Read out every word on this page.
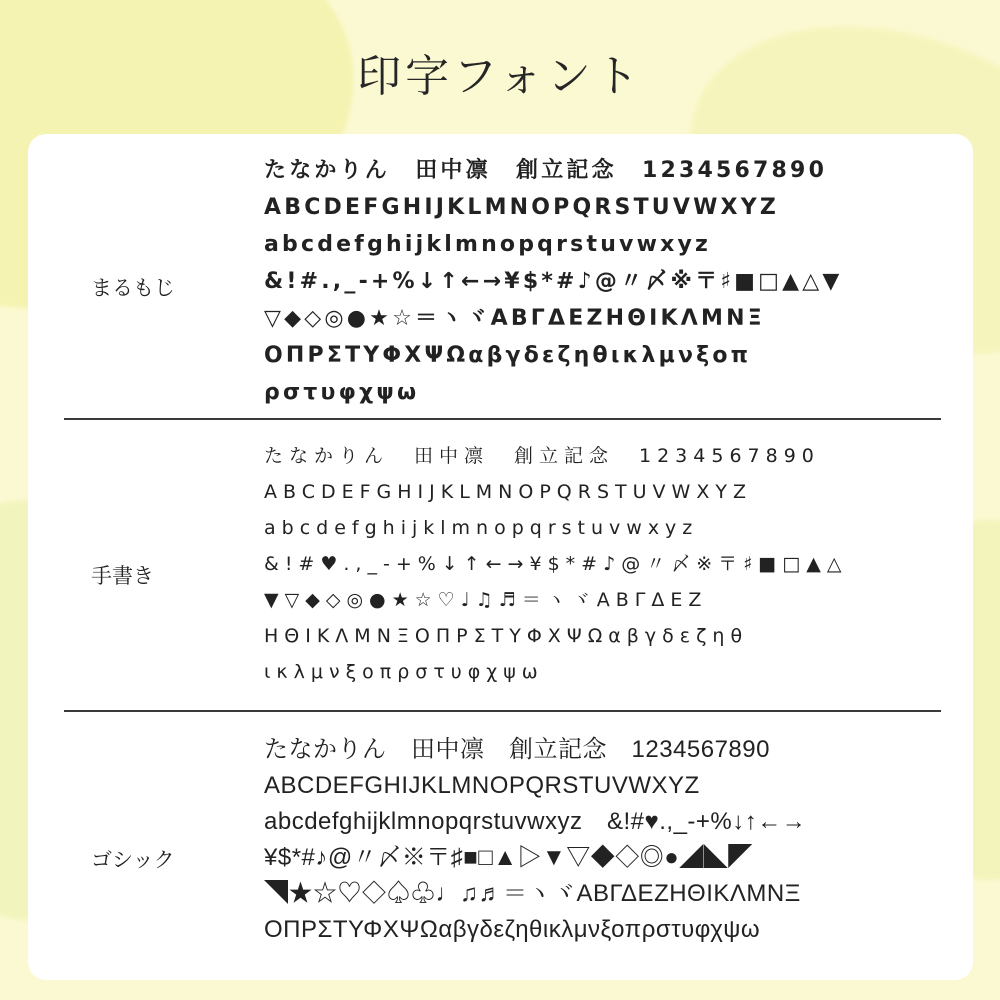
印字フォント
まるもじ
手書き
ゴシック
たなかりん　田中凛　創立記念　1234567890
ABCDEFGHIJKLMNOPQRSTUVWXYZ
abcdefghijklmnopqrstuvwxyz
&!#.,_-+%↓↑←→¥$*#♪@〃〆※〒♯■□▲△▼
▽◆◇◎●★☆＝ヽヾΑΒΓΔΕΖΗΘΙΚΛΜΝΞ
ΟΠΡΣΤΥΦΧΨΩαβγδεζηθικλμνξοπ
ρστυφχψω
たなかりん　田中凛　創立記念　1234567890
ABCDEFGHIJKLMNOPQRSTUVWXYZ
abcdefghijklmnopqrstuvwxyz
&!#♥.,_-+%↓↑←→¥$*#♪@〃〆※〒♯■□▲△
▼▽◆◇◎●★☆♡♩♫♬＝ヽヾΑΒΓΔΕΖ
ΗΘΙΚΛΜΝΞΟΠΡΣΤΥΦΧΨΩαβγδεζηθ
ικλμνξοπρστυφχψω
たなかりん　田中凛　創立記念　1234567890
ABCDEFGHIJKLMNOPQRSTUVWXYZ
abcdefghijklmnopqrstuvwxyz　&!#♥.,_-+%↓↑←→
¥$*#♪@〃〆※〒♯■□▲▷▼▽◆◇◎●◢◣◤
◥★☆♡◇♤♧♩♫♬＝ヽヾΑΒΓΔΕΖΗΘΙΚΛΜΝΞ
ΟΠΡΣΤΥΦΧΨΩαβγδεζηθικλμνξοπρστυφχψω
